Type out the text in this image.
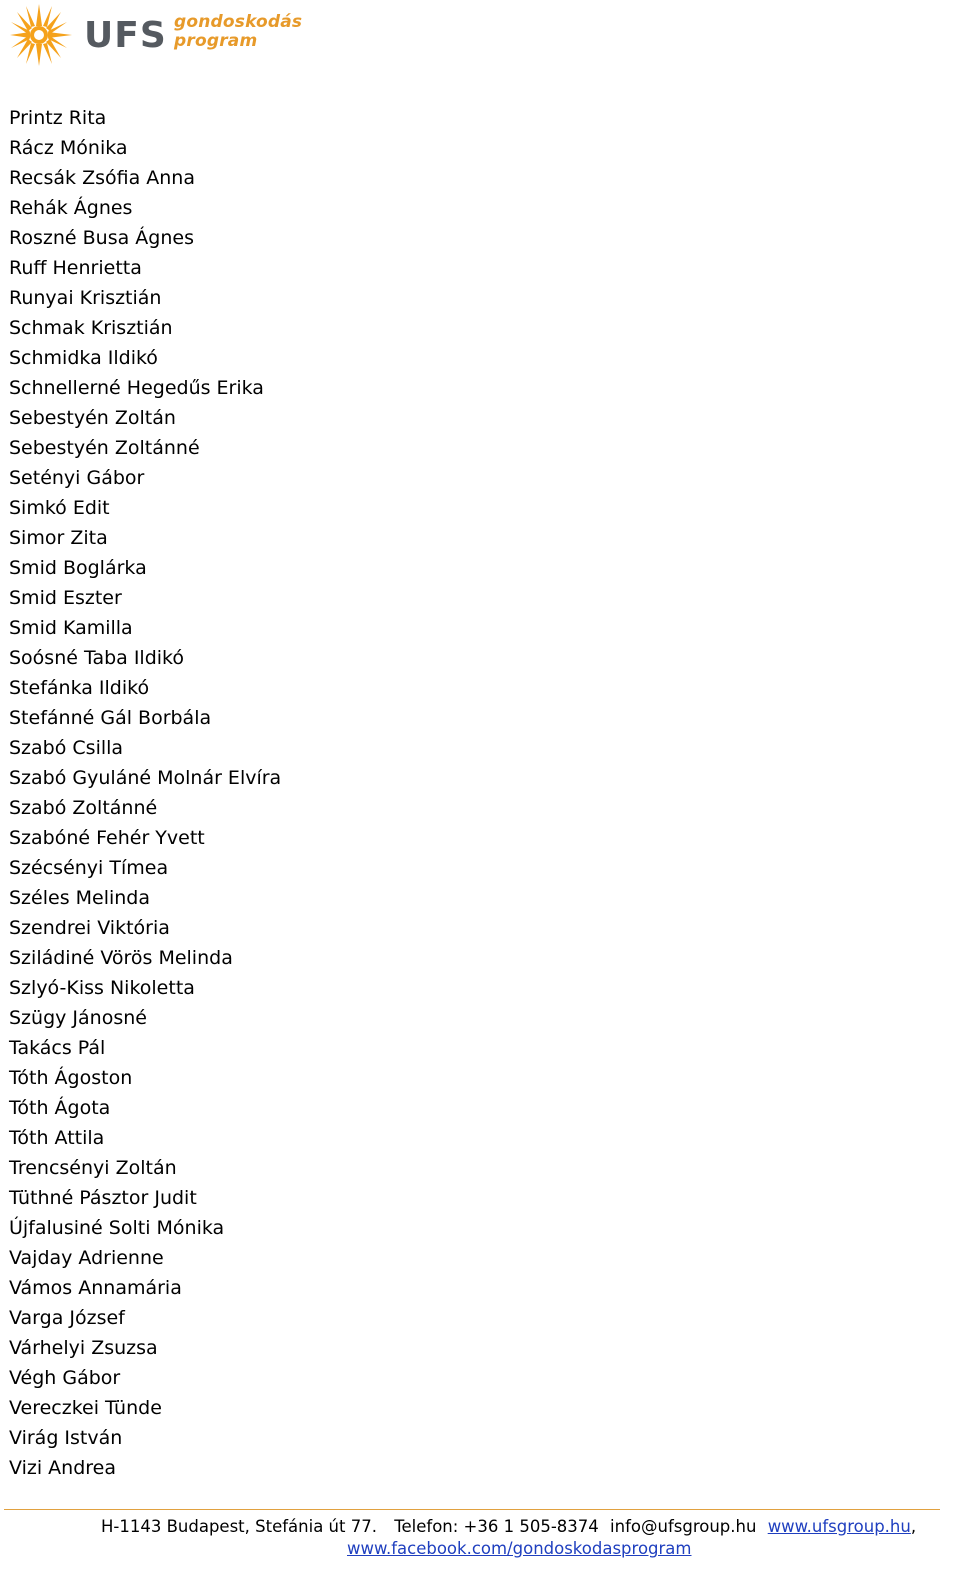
UFS gondoskodás
program
Printz Rita
Rácz Mónika
Recsák Zsófia Anna
Rehák Ágnes
Roszné Busa Ágnes
Ruff Henrietta
Runyai Krisztián
Schmak Krisztián
Schmidka Ildikó
Schnellerné Hegedűs Erika
Sebestyén Zoltán
Sebestyén Zoltánné
Setényi Gábor
Simkó Edit
Simor Zita
Smid Boglárka
Smid Eszter
Smid Kamilla
Soósné Taba Ildikó
Stefánka Ildikó
Stefánné Gál Borbála
Szabó Csilla
Szabó Gyuláné Molnár Elvíra
Szabó Zoltánné
Szabóné Fehér Yvett
Szécsényi Tímea
Széles Melinda
Szendrei Viktória
Sziládiné Vörös Melinda
Szlyó-Kiss Nikoletta
Szügy Jánosné
Takács Pál
Tóth Ágoston
Tóth Ágota
Tóth Attila
Trencsényi Zoltán
Tüthné Pásztor Judit
Újfalusiné Solti Mónika
Vajday Adrienne
Vámos Annamária
Varga József
Várhelyi Zsuzsa
Végh Gábor
Vereczkei Tünde
Virág István
Vizi Andrea
H-1143 Budapest, Stefánia út 77. Telefon: +36 1 505-8374 info@ufsgroup.hu www.ufsgroup.hu,
www.facebook.com/gondoskodasprogram
